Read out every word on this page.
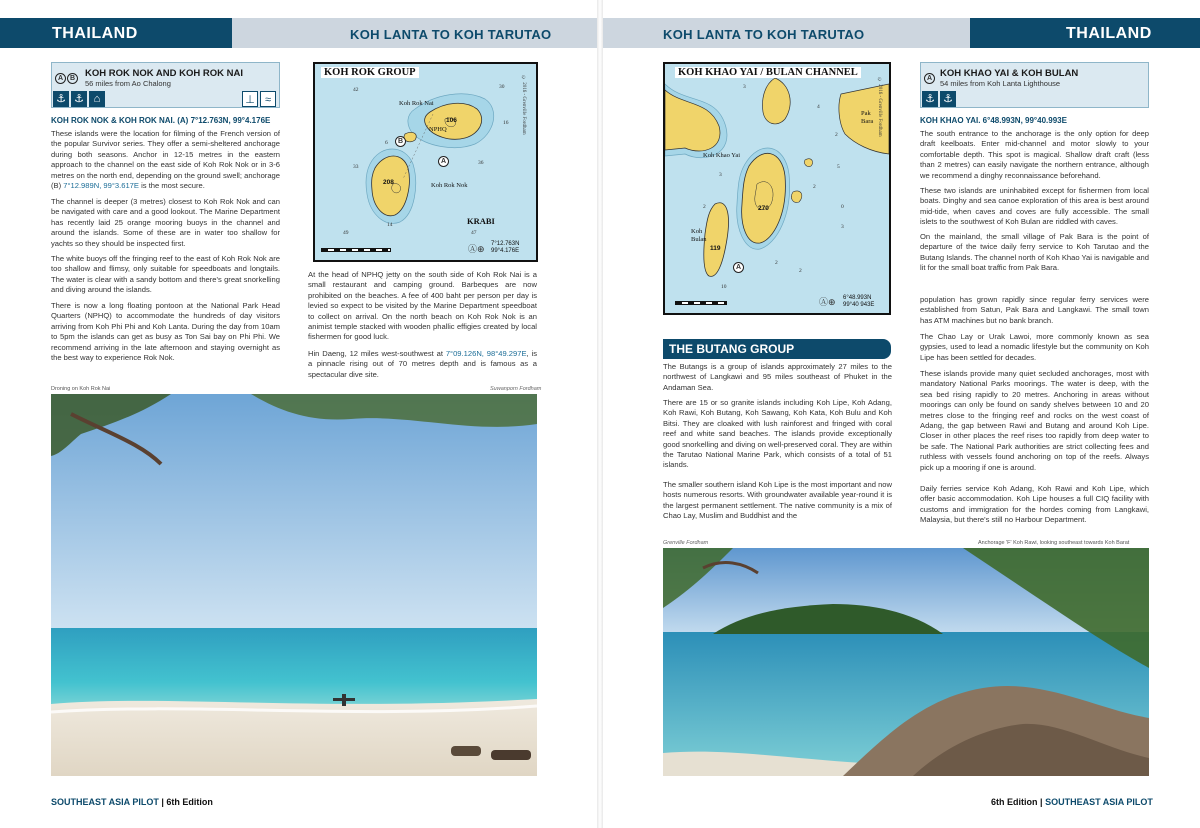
THAILAND	KOH LANTA TO KOH TARUTAO	KOH LANTA TO KOH TARUTAO	THAILAND
A B	KOH ROK NOK AND KOH ROK NAI
56 miles from Ao Chalong
⚓ ⚓ ⌂	⊥ ≈
KOH ROK NOK & KOH ROK NAI. (A) 7°12.763N, 99°4.176E
These islands were the location for filming of the French version of the popular Survivor series. They offer a semi-sheltered anchorage during both seasons. Anchor in 12-15 metres in the eastern approach to the channel on the east side of Koh Rok Nok or in 3-6 metres on the north end, depending on the ground swell; anchorage (B) 7°12.989N, 99°3.617E is the most secure.
The channel is deeper (3 metres) closest to Koh Rok Nok and can be navigated with care and a good lookout. The Marine Department has recently laid 25 orange mooring buoys in the channel and around the islands. Some of these are in water too shallow for yachts so they should be inspected first.
The white buoys off the fringing reef to the east of Koh Rok Nok are too shallow and flimsy, only suitable for speedboats and longtails. The water is clear with a sandy bottom and there's great snorkelling and diving around the islands.
There is now a long floating pontoon at the National Park Head Quarters (NPHQ) to accommodate the hundreds of day visitors arriving from Koh Phi Phi and Koh Lanta. During the day from 10am to 5pm the islands can get as busy as Ton Sai bay on Phi Phi. We recommend arriving in the late afternoon and staying overnight as the best way to experience Rok Nok.
KOH ROK GROUP
© 2016 - Grenville Fordham
Koh Rok Nai
NPHQ
Koh Rok Nok
KRABI
106
208
42	30
16
6
33
36
14
49	47
A
B
Ⓐ⊕ 7°12.763N
99°4.176E
At the head of NPHQ jetty on the south side of Koh Rok Nai is a small restaurant and camping ground. Barbeques are now prohibited on the beaches. A fee of 400 baht per person per day is levied so expect to be visited by the Marine Department speedboat to collect on arrival. On the north beach on Koh Rok Nok is an animist temple stacked with wooden phallic effigies created by local fishermen for good luck.
Hin Daeng, 12 miles west-southwest at 7°09.126N, 98°49.297E, is a pinnacle rising out of 70 metres depth and is famous as a spectacular dive site.
Droning on Koh Rok Nai	Suwanporn Fordham
SOUTHEAST ASIA PILOT | 6th Edition
KOH KHAO YAI / BULAN CHANNEL
© 2016 - Grenville Fordham
Koh Khao Yai
Koh Bulan
Pak Bara
270
119
3
4
2
3
2
0
3
2
2
10
2
5
A
Ⓐ⊕ 6°48.993N
99°40 943E
A KOH KHAO YAI & KOH BULAN
54 miles from Koh Lanta Lighthouse
⚓ ⚓
KOH KHAO YAI. 6°48.993N, 99°40.993E
The south entrance to the anchorage is the only option for deep draft keelboats. Enter mid-channel and motor slowly to your comfortable depth. This spot is magical. Shallow draft craft (less than 2 metres) can easily navigate the northern entrance, although we recommend a dinghy reconnaissance beforehand.
These two islands are uninhabited except for fishermen from local boats. Dinghy and sea canoe exploration of this area is best around mid-tide, when caves and coves are fully accessible. The small islets to the southwest of Koh Bulan are riddled with caves.
On the mainland, the small village of Pak Bara is the point of departure of the twice daily ferry service to Koh Tarutao and the Butang Islands. The channel north of Koh Khao Yai is navigable and lit for the small boat traffic from Pak Bara.
THE BUTANG GROUP
The Butangs is a group of islands approximately 27 miles to the northwest of Langkawi and 95 miles southeast of Phuket in the Andaman Sea.
There are 15 or so granite islands including Koh Lipe, Koh Adang, Koh Rawi, Koh Butang, Koh Sawang, Koh Kata, Koh Bulu and Koh Bitsi. They are cloaked with lush rainforest and fringed with coral reef and white sand beaches. The islands provide exceptionally good snorkelling and diving on well-preserved coral. They are within the Tarutao National Marine Park, which consists of a total of 51 islands.
The smaller southern island Koh Lipe is the most important and now hosts numerous resorts. With groundwater available year-round it is the largest permanent settlement. The native community is a mix of Chao Lay, Muslim and Buddhist and the
population has grown rapidly since regular ferry services were established from Satun, Pak Bara and Langkawi. The small town has ATM machines but no bank branch.
The Chao Lay or Urak Lawoi, more commonly known as sea gypsies, used to lead a nomadic lifestyle but the community on Koh Lipe has been settled for decades.
These islands provide many quiet secluded anchorages, most with mandatory National Parks moorings. The water is deep, with the sea bed rising rapidly to 20 metres. Anchoring in areas without moorings can only be found on sandy shelves between 10 and 20 metres close to the fringing reef and rocks on the west coast of Adang, the gap between Rawi and Butang and around Koh Lipe. Closer in other places the reef rises too rapidly from deep water to be safe. The National Park authorities are strict collecting fees and ruthless with vessels found anchoring on top of the reefs. Always pick up a mooring if one is around.
Daily ferries service Koh Adang, Koh Rawi and Koh Lipe, which offer basic accommodation. Koh Lipe houses a full CIQ facility with customs and immigration for the hordes coming from Langkawi, Malaysia, but there's still no Harbour Department.
Grenville Fordham	Anchorage 'F' Koh Rawi, looking southeast towards Koh Barat
6th Edition | SOUTHEAST ASIA PILOT
